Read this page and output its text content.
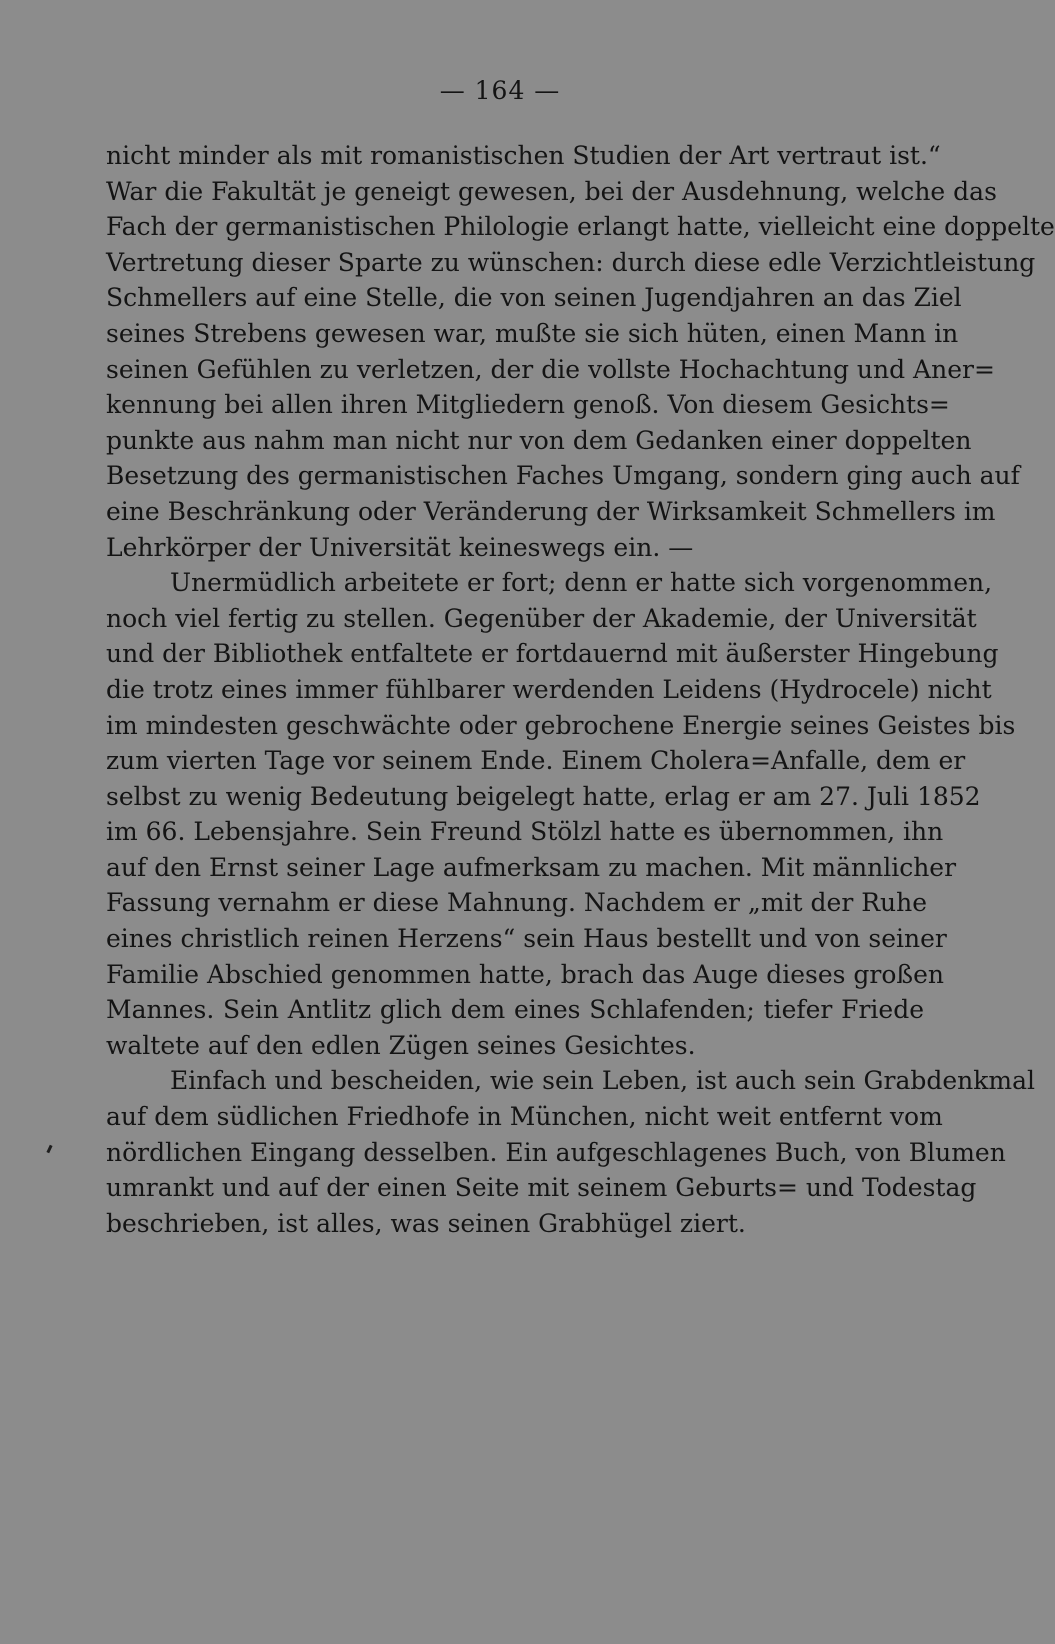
— 164 —
nicht minder als mit romanistischen Studien der Art vertraut ist.“
War die Fakultät je geneigt gewesen, bei der Ausdehnung, welche das
Fach der germanistischen Philologie erlangt hatte, vielleicht eine doppelte
Vertretung dieser Sparte zu wünschen: durch diese edle Verzichtleistung
Schmellers auf eine Stelle, die von seinen Jugendjahren an das Ziel
seines Strebens gewesen war, mußte sie sich hüten, einen Mann in
seinen Gefühlen zu verletzen, der die vollste Hochachtung und Aner=
kennung bei allen ihren Mitgliedern genoß. Von diesem Gesichts=
punkte aus nahm man nicht nur von dem Gedanken einer doppelten
Besetzung des germanistischen Faches Umgang, sondern ging auch auf
eine Beschränkung oder Veränderung der Wirksamkeit Schmellers im
Lehrkörper der Universität keineswegs ein. —
Unermüdlich arbeitete er fort; denn er hatte sich vorgenommen,
noch viel fertig zu stellen. Gegenüber der Akademie, der Universität
und der Bibliothek entfaltete er fortdauernd mit äußerster Hingebung
die trotz eines immer fühlbarer werdenden Leidens (Hydrocele) nicht
im mindesten geschwächte oder gebrochene Energie seines Geistes bis
zum vierten Tage vor seinem Ende. Einem Cholera=Anfalle, dem er
selbst zu wenig Bedeutung beigelegt hatte, erlag er am 27. Juli 1852
im 66. Lebensjahre. Sein Freund Stölzl hatte es übernommen, ihn
auf den Ernst seiner Lage aufmerksam zu machen. Mit männlicher
Fassung vernahm er diese Mahnung. Nachdem er „mit der Ruhe
eines christlich reinen Herzens“ sein Haus bestellt und von seiner
Familie Abschied genommen hatte, brach das Auge dieses großen
Mannes. Sein Antlitz glich dem eines Schlafenden; tiefer Friede
waltete auf den edlen Zügen seines Gesichtes.
Einfach und bescheiden, wie sein Leben, ist auch sein Grabdenkmal
auf dem südlichen Friedhofe in München, nicht weit entfernt vom
nördlichen Eingang desselben. Ein aufgeschlagenes Buch, von Blumen
umrankt und auf der einen Seite mit seinem Geburts= und Todestag
beschrieben, ist alles, was seinen Grabhügel ziert.
